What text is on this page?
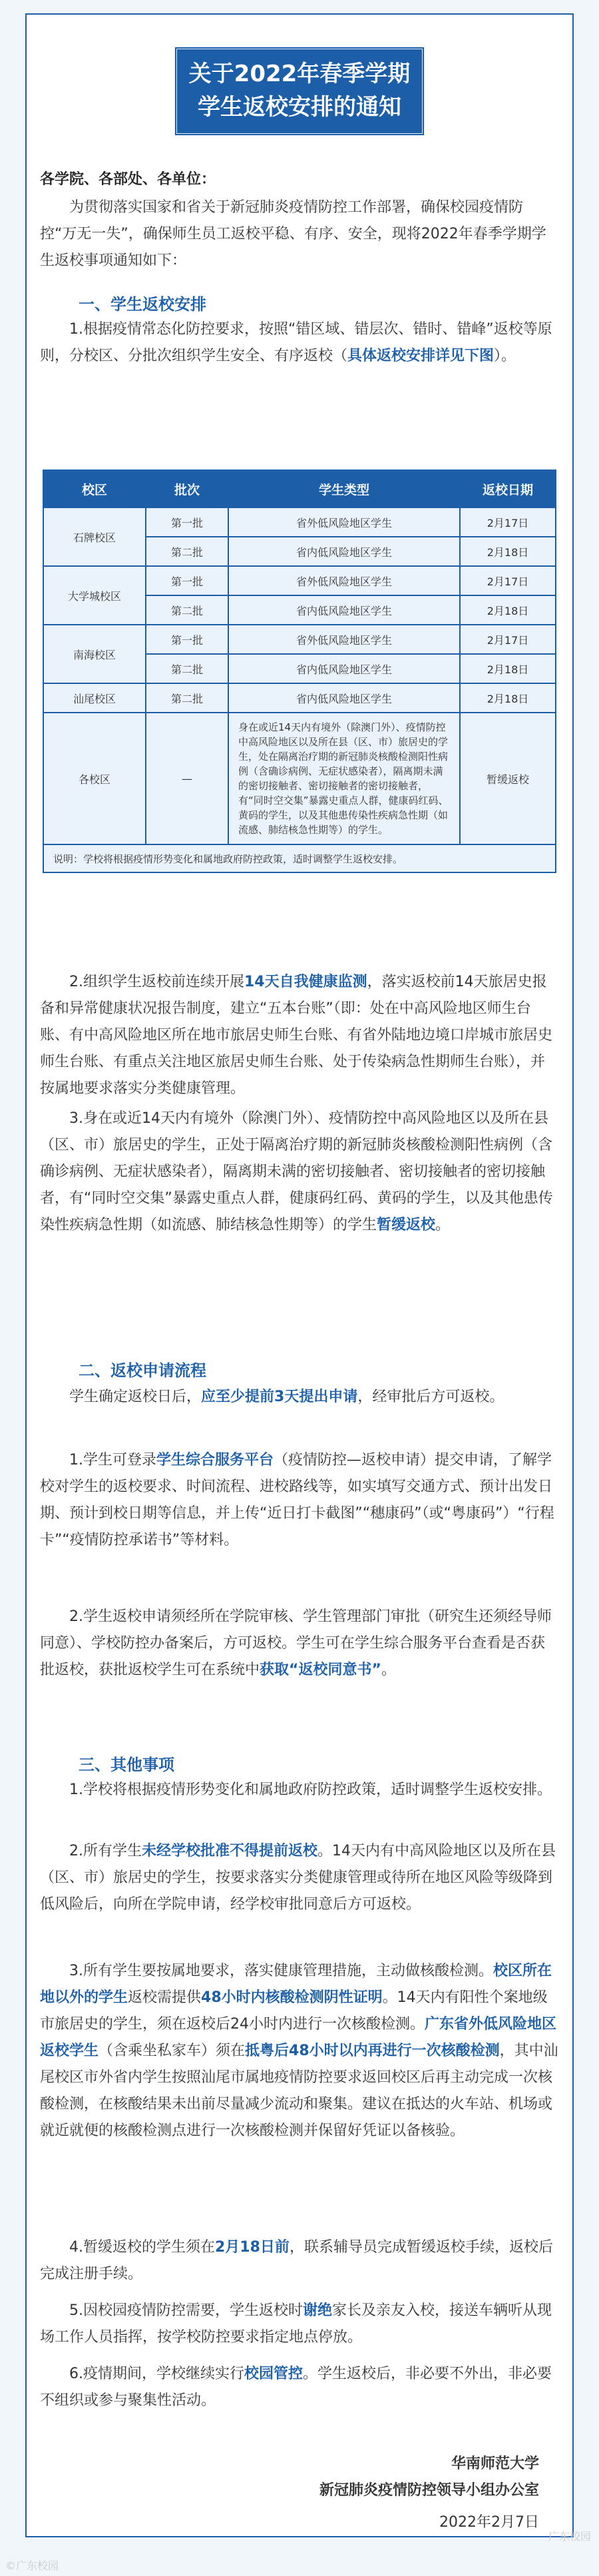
关于2022年春季学期
学生返校安排的通知
各学院、各部处、各单位：
为贯彻落实国家和省关于新冠肺炎疫情防控工作部署，确保校园疫情防控“万无一失”，确保师生员工返校平稳、有序、安全，现将2022年春季学期学生返校事项通知如下：
一、学生返校安排
1.根据疫情常态化防控要求，按照“错区域、错层次、错时、错峰”返校等原则，分校区、分批次组织学生安全、有序返校（具体返校安排详见下图）。
校区	批次	学生类型	返校日期
石牌校区	第一批	省外低风险地区学生	2月17日
	第二批	省内低风险地区学生	2月18日
大学城校区	第一批	省外低风险地区学生	2月17日
	第二批	省内低风险地区学生	2月18日
南海校区	第一批	省外低风险地区学生	2月17日
	第二批	省内低风险地区学生	2月18日
汕尾校区	第二批	省内低风险地区学生	2月18日
各校区	—	身在或近14天内有境外（除澳门外）、疫情防控中高风险地区以及所在县（区、市）旅居史的学生，处在隔离治疗期的新冠肺炎核酸检测阳性病例（含确诊病例、无症状感染者），隔离期未满的密切接触者、密切接触者的密切接触者，有“同时空交集”暴露史重点人群，健康码红码、黄码的学生，以及其他患传染性疾病急性期（如流感、肺结核急性期等）的学生。	暂缓返校
说明：学校将根据疫情形势变化和属地政府防控政策，适时调整学生返校安排。			
2.组织学生返校前连续开展14天自我健康监测，落实返校前14天旅居史报备和异常健康状况报告制度，建立“五本台账”（即：处在中高风险地区师生台账、有中高风险地区所在地市旅居史师生台账、有省外陆地边境口岸城市旅居史师生台账、有重点关注地区旅居史师生台账、处于传染病急性期师生台账），并按属地要求落实分类健康管理。
3.身在或近14天内有境外（除澳门外）、疫情防控中高风险地区以及所在县（区、市）旅居史的学生，正处于隔离治疗期的新冠肺炎核酸检测阳性病例（含确诊病例、无症状感染者），隔离期未满的密切接触者、密切接触者的密切接触者，有“同时空交集”暴露史重点人群，健康码红码、黄码的学生，以及其他患传染性疾病急性期（如流感、肺结核急性期等）的学生暂缓返校。
二、返校申请流程
学生确定返校日后，应至少提前3天提出申请，经审批后方可返校。
1.学生可登录学生综合服务平台（疫情防控—返校申请）提交申请，了解学校对学生的返校要求、时间流程、进校路线等，如实填写交通方式、预计出发日期、预计到校日期等信息，并上传“近日打卡截图”“穗康码”（或“粤康码”）“行程卡”“疫情防控承诺书”等材料。
2.学生返校申请须经所在学院审核、学生管理部门审批（研究生还须经导师同意）、学校防控办备案后，方可返校。学生可在学生综合服务平台查看是否获批返校，获批返校学生可在系统中获取“返校同意书”。
三、其他事项
1.学校将根据疫情形势变化和属地政府防控政策，适时调整学生返校安排。
2.所有学生未经学校批准不得提前返校。14天内有中高风险地区以及所在县（区、市）旅居史的学生，按要求落实分类健康管理或待所在地区风险等级降到低风险后，向所在学院申请，经学校审批同意后方可返校。
3.所有学生要按属地要求，落实健康管理措施，主动做核酸检测。校区所在地以外的学生返校需提供48小时内核酸检测阴性证明。14天内有阳性个案地级市旅居史的学生，须在返校后24小时内进行一次核酸检测。广东省外低风险地区返校学生（含乘坐私家车）须在抵粤后48小时以内再进行一次核酸检测，其中汕尾校区市外省内学生按照汕尾市属地疫情防控要求返回校区后再主动完成一次核酸检测，在核酸结果未出前尽量减少流动和聚集。建议在抵达的火车站、机场或就近就便的核酸检测点进行一次核酸检测并保留好凭证以备核验。
4.暂缓返校的学生须在2月18日前，联系辅导员完成暂缓返校手续，返校后完成注册手续。
5.因校园疫情防控需要，学生返校时谢绝家长及亲友入校，接送车辆听从现场工作人员指挥，按学校防控要求指定地点停放。
6.疫情期间，学校继续实行校园管控。学生返校后，非必要不外出，非必要不组织或参与聚集性活动。
华南师范大学
新冠肺炎疫情防控领导小组办公室
2022年2月7日
©广东校园
广东校园
